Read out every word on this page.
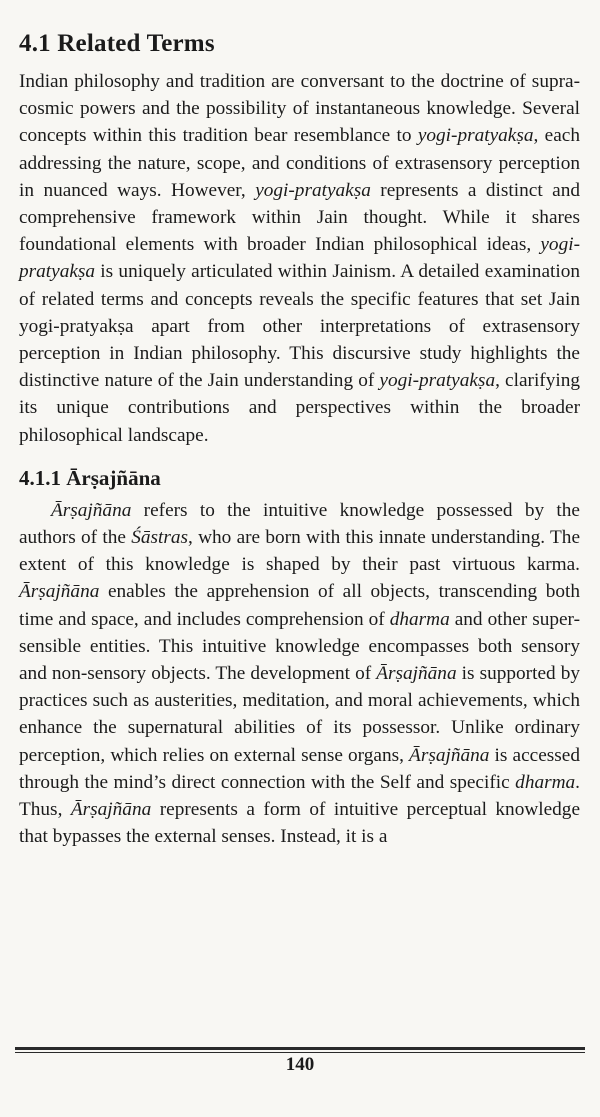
4.1 Related Terms

Indian philosophy and tradition are conversant to the doctrine of supra-cosmic powers and the possibility of instantaneous knowledge. Several concepts within this tradition bear resemblance to yogi-pratyakṣa, each addressing the nature, scope, and conditions of extrasensory perception in nuanced ways. However, yogi-pratyakṣa represents a distinct and comprehensive framework within Jain thought. While it shares foundational elements with broader Indian philosophical ideas, yogi-pratyakṣa is uniquely articulated within Jainism. A detailed examination of related terms and concepts reveals the specific features that set Jain yogi-pratyakṣa apart from other interpretations of extrasensory perception in Indian philosophy. This discursive study highlights the distinctive nature of the Jain understanding of yogi-pratyakṣa, clarifying its unique contributions and perspectives within the broader philosophical landscape.

4.1.1 Ārṣajñāna

Ārṣajñāna refers to the intuitive knowledge possessed by the authors of the Śāstras, who are born with this innate understanding. The extent of this knowledge is shaped by their past virtuous karma. Ārṣajñāna enables the apprehension of all objects, transcending both time and space, and includes comprehension of dharma and other super-sensible entities. This intuitive knowledge encompasses both sensory and non-sensory objects. The development of Ārṣajñāna is supported by practices such as austerities, meditation, and moral achievements, which enhance the supernatural abilities of its possessor. Unlike ordinary perception, which relies on external sense organs, Ārṣajñāna is accessed through the mind’s direct connection with the Self and specific dharma. Thus, Ārṣajñāna represents a form of intuitive perceptual knowledge that bypasses the external senses. Instead, it is a

140
